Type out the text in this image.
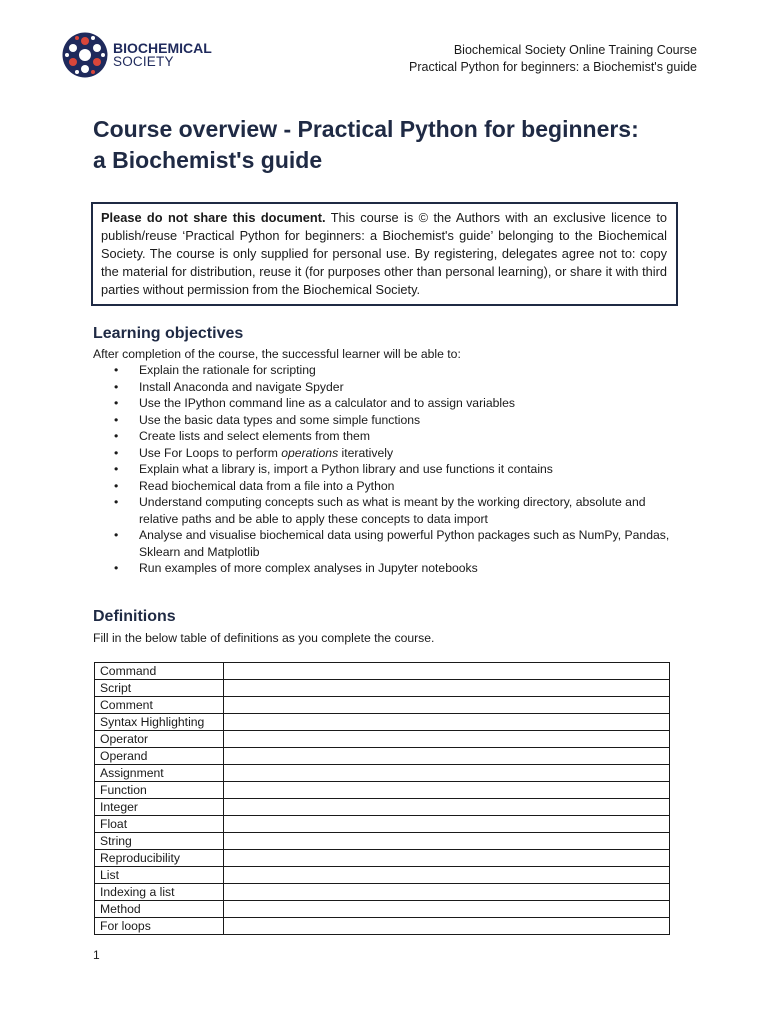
BIOCHEMICAL
SOCIETY
Biochemical Society Online Training Course
Practical Python for beginners: a Biochemist's guide
Course overview - Practical Python for beginners:
a Biochemist's guide
Please do not share this document. This course is © the Authors with an exclusive licence to publish/reuse ‘Practical Python for beginners: a Biochemist's guide’ belonging to the Biochemical Society. The course is only supplied for personal use. By registering, delegates agree not to: copy the material for distribution, reuse it (for purposes other than personal learning), or share it with third parties without permission from the Biochemical Society.
Learning objectives
After completion of the course, the successful learner will be able to:
• Explain the rationale for scripting
• Install Anaconda and navigate Spyder
• Use the IPython command line as a calculator and to assign variables
• Use the basic data types and some simple functions
• Create lists and select elements from them
• Use For Loops to perform operations iteratively
• Explain what a library is, import a Python library and use functions it contains
• Read biochemical data from a file into a Python
• Understand computing concepts such as what is meant by the working directory, absolute and relative paths and be able to apply these concepts to data import
• Analyse and visualise biochemical data using powerful Python packages such as NumPy, Pandas, Sklearn and Matplotlib
• Run examples of more complex analyses in Jupyter notebooks
Definitions
Fill in the below table of definitions as you complete the course.
Command	
Script	
Comment	
Syntax Highlighting	
Operator	
Operand	
Assignment	
Function	
Integer	
Float	
String	
Reproducibility	
List	
Indexing a list	
Method	
For loops	
1
